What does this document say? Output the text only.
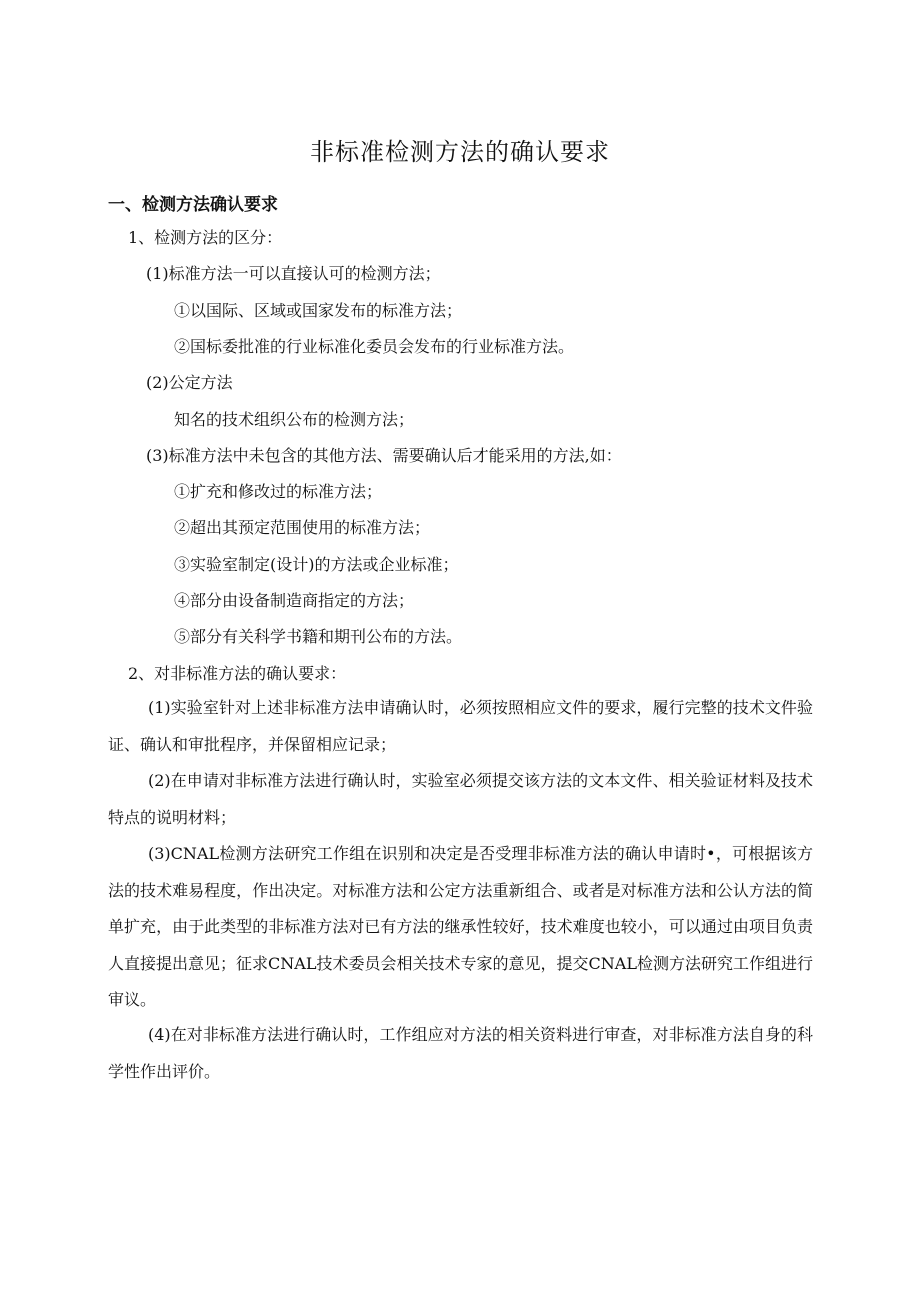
非标准检测方法的确认要求
一、检测方法确认要求

1、检测方法的区分：

(1)标准方法一可以直接认可的检测方法；

①以国际、区域或国家发布的标准方法；

②国标委批准的行业标准化委员会发布的行业标准方法。

(2)公定方法

知名的技术组织公布的检测方法；

(3)标准方法中未包含的其他方法、需要确认后才能采用的方法,如：

①扩充和修改过的标准方法；

②超出其预定范围使用的标准方法；

③实验室制定(设计)的方法或企业标准；

④部分由设备制造商指定的方法；

⑤部分有关科学书籍和期刊公布的方法。

2、对非标准方法的确认要求：

(1)实验室针对上述非标准方法申请确认时，必须按照相应文件的要求，履行完整的技术文件验证、确认和审批程序，并保留相应记录；

(2)在申请对非标准方法进行确认时，实验室必须提交该方法的文本文件、相关验证材料及技术特点的说明材料；

(3)CNAL检测方法研究工作组在识别和决定是否受理非标准方法的确认申请时•，可根据该方法的技术难易程度，作出决定。对标准方法和公定方法重新组合、或者是对标准方法和公认方法的简单扩充，由于此类型的非标准方法对已有方法的继承性较好，技术难度也较小，可以通过由项目负责人直接提出意见；征求CNAL技术委员会相关技术专家的意见，提交CNAL检测方法研究工作组进行审议。

(4)在对非标准方法进行确认时，工作组应对方法的相关资料进行审查，对非标准方法自身的科学性作出评价。
